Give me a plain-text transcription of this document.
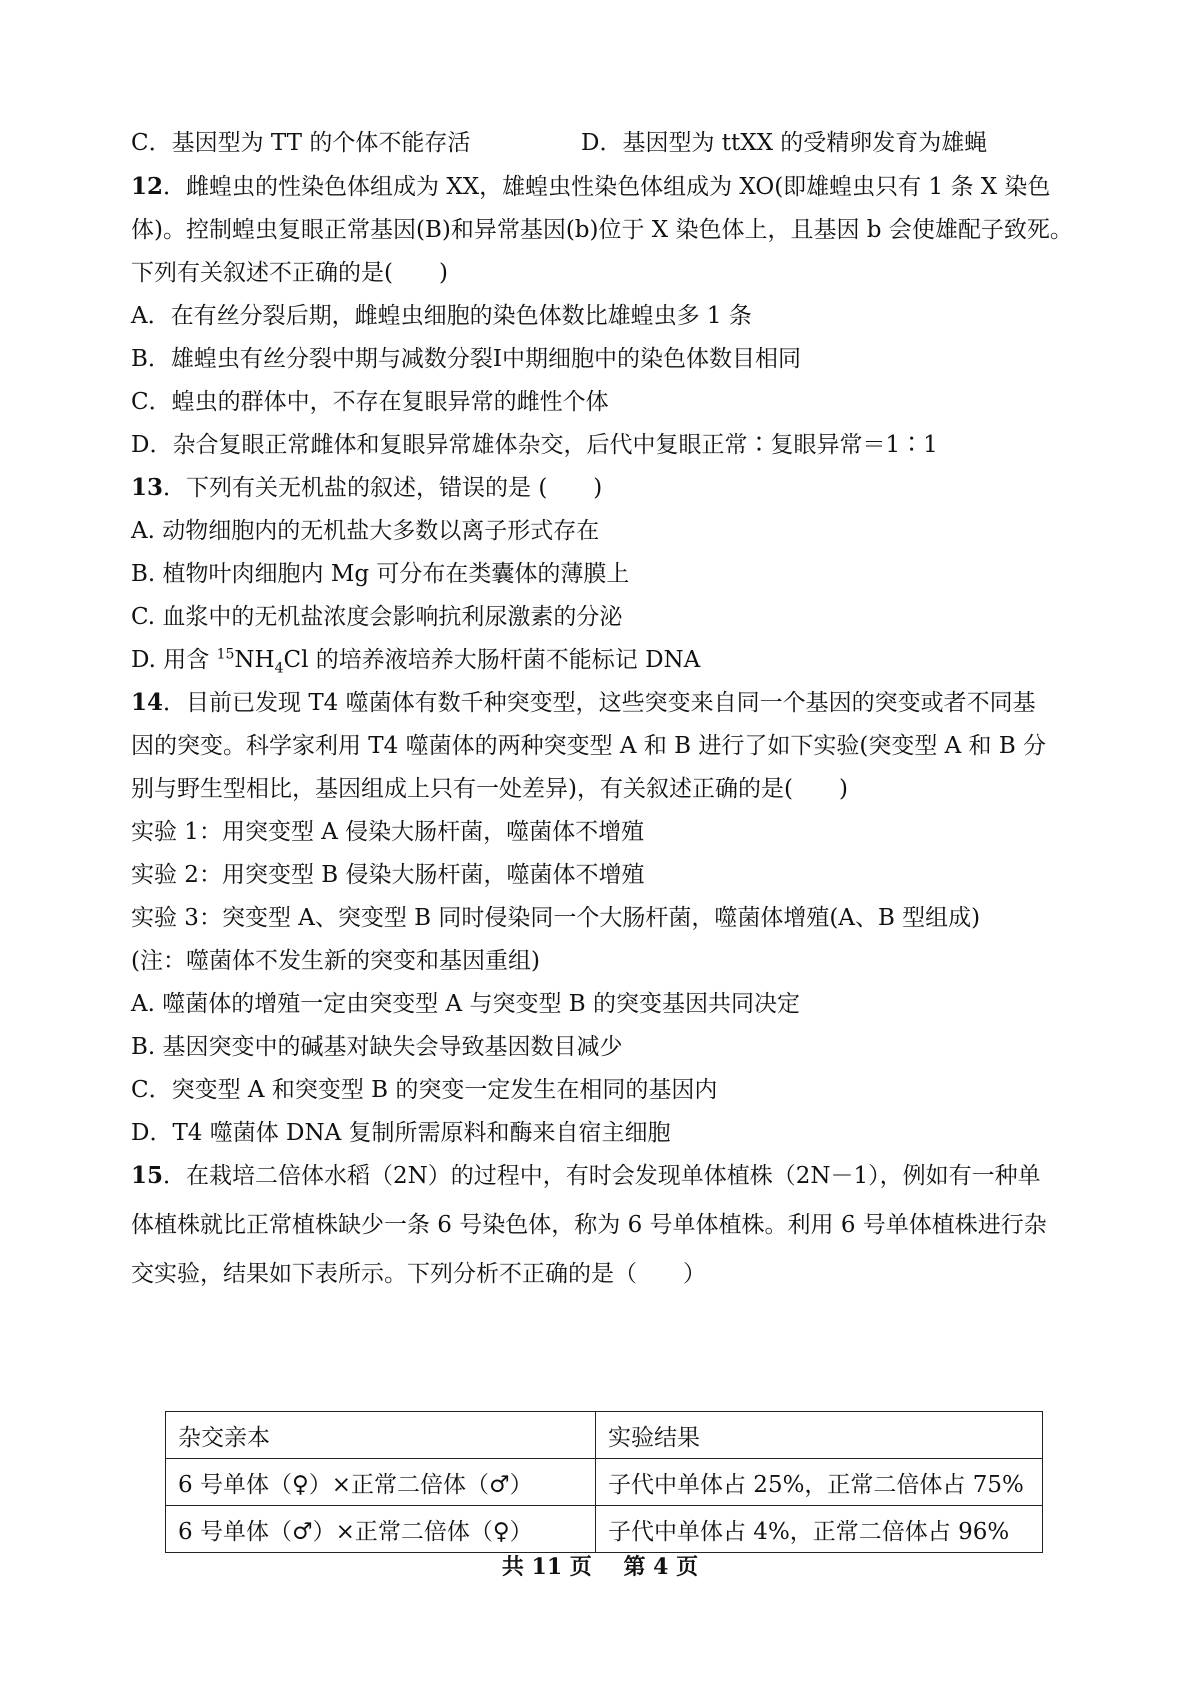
C．基因型为 TT 的个体不能存活	D．基因型为 ttXX 的受精卵发育为雄蝇
12．雌蝗虫的性染色体组成为 XX，雄蝗虫性染色体组成为 XO(即雄蝗虫只有 1 条 X 染色
体)。控制蝗虫复眼正常基因(B)和异常基因(b)位于 X 染色体上，且基因 b 会使雄配子致死。
下列有关叙述不正确的是(　　)
A．在有丝分裂后期，雌蝗虫细胞的染色体数比雄蝗虫多 1 条
B．雄蝗虫有丝分裂中期与减数分裂Ⅰ中期细胞中的染色体数目相同
C．蝗虫的群体中，不存在复眼异常的雌性个体
D．杂合复眼正常雌体和复眼异常雄体杂交，后代中复眼正常∶复眼异常＝1∶1
13．下列有关无机盐的叙述，错误的是 (　　)
A. 动物细胞内的无机盐大多数以离子形式存在
B. 植物叶肉细胞内 Mg 可分布在类囊体的薄膜上
C. 血浆中的无机盐浓度会影响抗利尿激素的分泌
D. 用含 $^{15}NH_4Cl$ 的培养液培养大肠杆菌不能标记 DNA
14．目前已发现 T4 噬菌体有数千种突变型，这些突变来自同一个基因的突变或者不同基
因的突变。科学家利用 T4 噬菌体的两种突变型 A 和 B 进行了如下实验(突变型 A 和 B 分
别与野生型相比，基因组成上只有一处差异)，有关叙述正确的是(　　)
实验 1：用突变型 A 侵染大肠杆菌，噬菌体不增殖
实验 2：用突变型 B 侵染大肠杆菌，噬菌体不增殖
实验 3：突变型 A、突变型 B 同时侵染同一个大肠杆菌，噬菌体增殖(A、B 型组成)
(注：噬菌体不发生新的突变和基因重组)
A. 噬菌体的增殖一定由突变型 A 与突变型 B 的突变基因共同决定
B. 基因突变中的碱基对缺失会导致基因数目减少
C．突变型 A 和突变型 B 的突变一定发生在相同的基因内
D．T4 噬菌体 DNA 复制所需原料和酶来自宿主细胞
15．在栽培二倍体水稻（2N）的过程中，有时会发现单体植株（2N－1），例如有一种单
体植株就比正常植株缺少一条 6 号染色体，称为 6 号单体植株。利用 6 号单体植株进行杂
交实验，结果如下表所示。下列分析不正确的是（　　）
杂交亲本	实验结果
6 号单体（♀）×正常二倍体（♂）	子代中单体占 25%，正常二倍体占 75%
6 号单体（♂）×正常二倍体（♀）	子代中单体占 4%，正常二倍体占 96%
共 11 页 第 4 页
